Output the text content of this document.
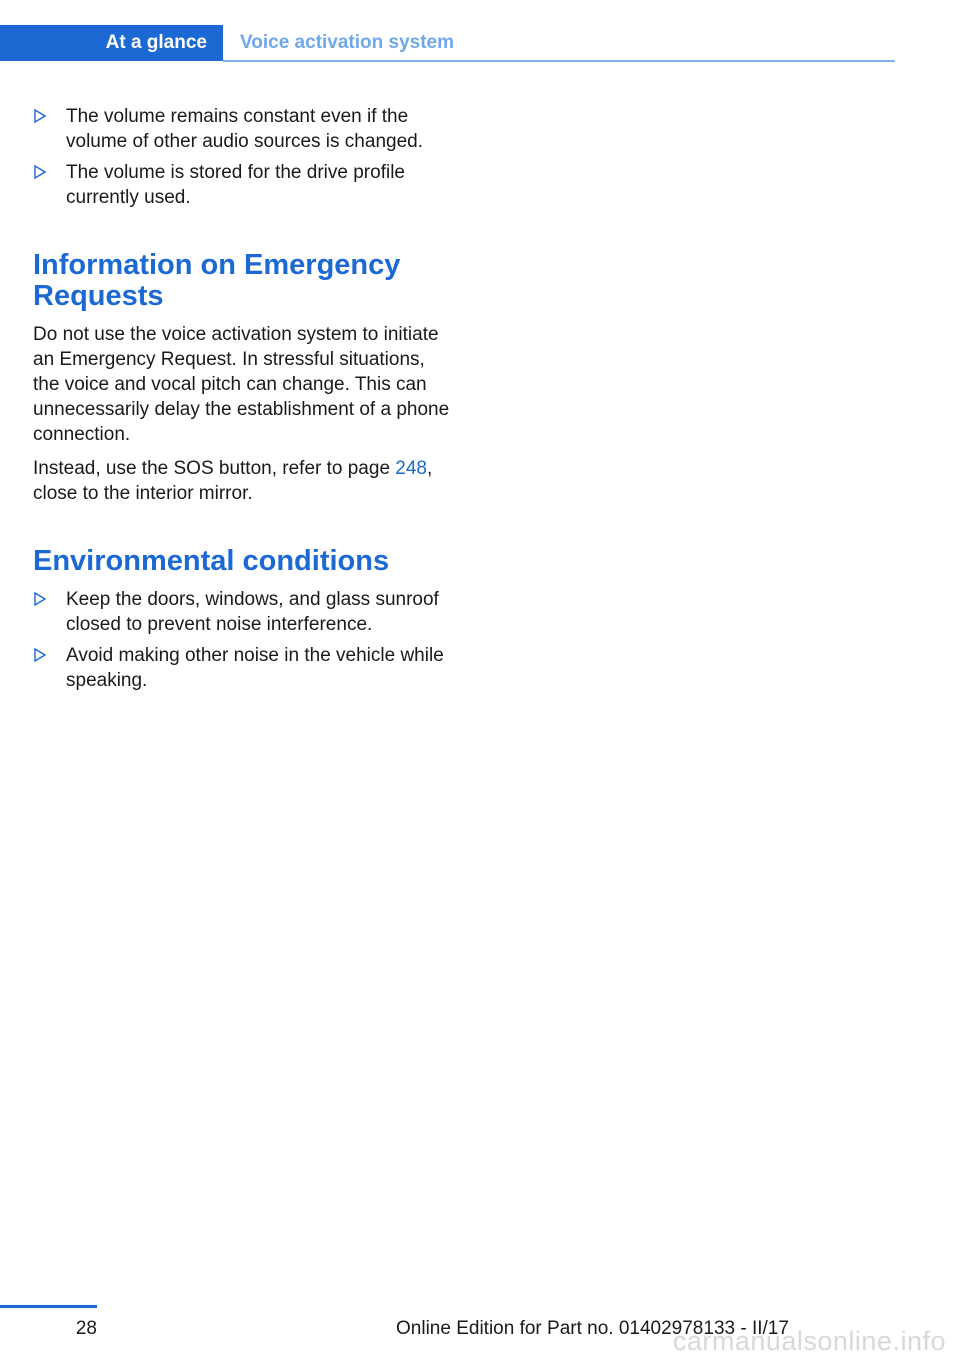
At a glance	Voice activation system
The volume remains constant even if the volume of other audio sources is changed.
The volume is stored for the drive profile currently used.
Information on Emergency Requests

Do not use the voice activation system to initiate an Emergency Request. In stressful situations, the voice and vocal pitch can change. This can unnecessarily delay the establishment of a phone connection.

Instead, use the SOS button, refer to page 248, close to the interior mirror.

Environmental conditions
Keep the doors, windows, and glass sunroof closed to prevent noise interference.
Avoid making other noise in the vehicle while speaking.
28	Online Edition for Part no. 01402978133 - II/17
carmanualsonline.info
